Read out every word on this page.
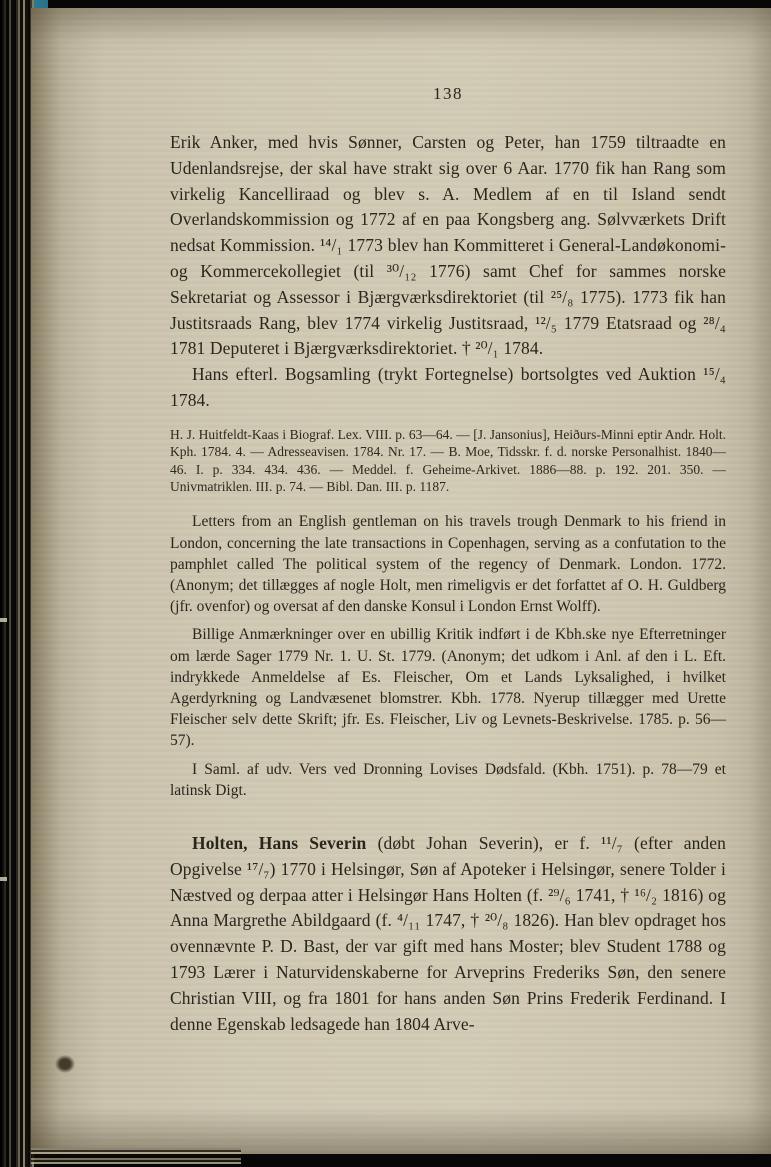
138

Erik Anker, med hvis Sønner, Carsten og Peter, han 1759 tiltraadte en Udenlandsrejse, der skal have strakt sig over 6 Aar. 1770 fik han Rang som virkelig Kancelliraad og blev s. A. Medlem af en til Island sendt Overlandskommission og 1772 af en paa Kongsberg ang. Sølvværkets Drift nedsat Kommission. ¹⁴/₁ 1773 blev han Kommitteret i General-Landøkonomi- og Kommercekollegiet (til ³⁰/₁₂ 1776) samt Chef for sammes norske Sekretariat og Assessor i Bjærgværksdirektoriet (til ²⁵/₈ 1775). 1773 fik han Justitsraads Rang, blev 1774 virkelig Justitsraad, ¹²/₅ 1779 Etatsraad og ²⁸/₄ 1781 Deputeret i Bjærgværksdirektoriet. † ²⁰/₁ 1784.

Hans efterl. Bogsamling (trykt Fortegnelse) bortsolgtes ved Auktion ¹⁵/₄ 1784.

H. J. Huitfeldt-Kaas i Biograf. Lex. VIII. p. 63—64. — [J. Jansonius], Heiðurs-Minni eptir Andr. Holt. Kph. 1784. 4. — Adresseavisen. 1784. Nr. 17. — B. Moe, Tidsskr. f. d. norske Personalhist. 1840—46. I. p. 334. 434. 436. — Meddel. f. Geheime-Arkivet. 1886—88. p. 192. 201. 350. — Univmatriklen. III. p. 74. — Bibl. Dan. III. p. 1187.

Letters from an English gentleman on his travels trough Denmark to his friend in London, concerning the late transactions in Copenhagen, serving as a confutation to the pamphlet called The political system of the regency of Denmark. London. 1772. (Anonym; det tillægges af nogle Holt, men rimeligvis er det forfattet af O. H. Guldberg (jfr. ovenfor) og oversat af den danske Konsul i London Ernst Wolff).

Billige Anmærkninger over en ubillig Kritik indført i de Kbh.ske nye Efterretninger om lærde Sager 1779 Nr. 1. U. St. 1779. (Anonym; det udkom i Anl. af den i L. Eft. indrykkede Anmeldelse af Es. Fleischer, Om et Lands Lyksalighed, i hvilket Agerdyrkning og Landvæsenet blomstrer. Kbh. 1778. Nyerup tillægger med Urette Fleischer selv dette Skrift; jfr. Es. Fleischer, Liv og Levnets-Beskrivelse. 1785. p. 56—57).

I Saml. af udv. Vers ved Dronning Lovises Dødsfald. (Kbh. 1751). p. 78—79 et latinsk Digt.

Holten, Hans Severin (døbt Johan Severin), er f. ¹¹/₇ (efter anden Opgivelse ¹⁷/₇) 1770 i Helsingør, Søn af Apoteker i Helsingør, senere Tolder i Næstved og derpaa atter i Helsingør Hans Holten (f. ²⁹/₆ 1741, † ¹⁶/₂ 1816) og Anna Margrethe Abildgaard (f. ⁴/₁₁ 1747, † ²⁰/₈ 1826). Han blev opdraget hos ovennævnte P. D. Bast, der var gift med hans Moster; blev Student 1788 og 1793 Lærer i Naturvidenskaberne for Arveprins Frederiks Søn, den senere Christian VIII, og fra 1801 for hans anden Søn Prins Frederik Ferdinand. I denne Egenskab ledsagede han 1804 Arve-
